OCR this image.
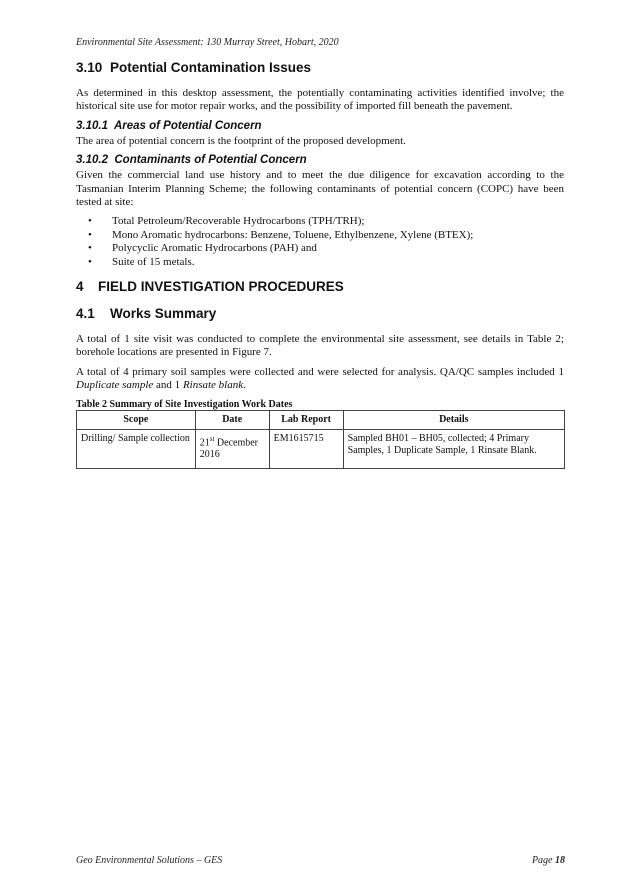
Environmental Site Assessment: 130 Murray Street, Hobart, 2020
3.10 Potential Contamination Issues

As determined in this desktop assessment, the potentially contaminating activities identified involve; the historical site use for motor repair works, and the possibility of imported fill beneath the pavement.

3.10.1 Areas of Potential Concern

The area of potential concern is the footprint of the proposed development.

3.10.2 Contaminants of Potential Concern

Given the commercial land use history and to meet the due diligence for excavation according to the Tasmanian Interim Planning Scheme; the following contaminants of potential concern (COPC) have been tested at site:

• Total Petroleum/Recoverable Hydrocarbons (TPH/TRH);
• Mono Aromatic hydrocarbons: Benzene, Toluene, Ethylbenzene, Xylene (BTEX);
• Polycyclic Aromatic Hydrocarbons (PAH) and
• Suite of 15 metals.
4 FIELD INVESTIGATION PROCEDURES
4.1 Works Summary

A total of 1 site visit was conducted to complete the environmental site assessment, see details in Table 2; borehole locations are presented in Figure 7.

A total of 4 primary soil samples were collected and were selected for analysis. QA/QC samples included 1 Duplicate sample and 1 Rinsate blank.

Table 2 Summary of Site Investigation Work Dates
Scope	Date	Lab Report	Details
Drilling/ Sample collection	21st December 2016	EM1615715	Sampled BH01 – BH05, collected; 4 Primary Samples, 1 Duplicate Sample, 1 Rinsate Blank.
Geo Environmental Solutions – GES	Page 18
